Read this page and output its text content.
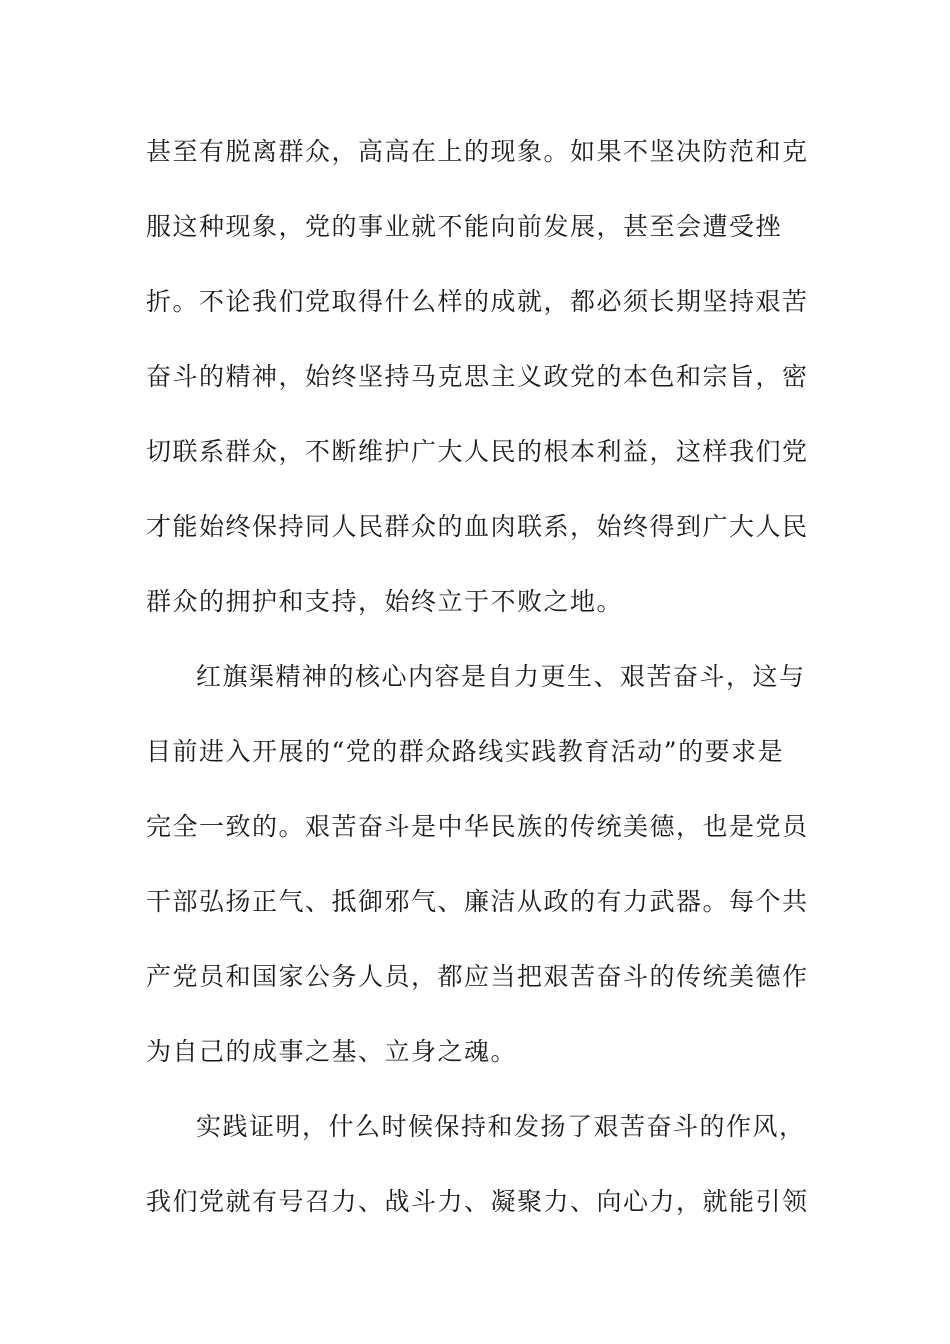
甚至有脱离群众，高高在上的现象。如果不坚决防范和克
服这种现象，党的事业就不能向前发展，甚至会遭受挫
折。不论我们党取得什么样的成就，都必须长期坚持艰苦
奋斗的精神，始终坚持马克思主义政党的本色和宗旨，密
切联系群众，不断维护广大人民的根本利益，这样我们党
才能始终保持同人民群众的血肉联系，始终得到广大人民
群众的拥护和支持，始终立于不败之地。
红旗渠精神的核心内容是自力更生、艰苦奋斗，这与
目前进入开展的“党的群众路线实践教育活动”的要求是
完全一致的。艰苦奋斗是中华民族的传统美德，也是党员
干部弘扬正气、抵御邪气、廉洁从政的有力武器。每个共
产党员和国家公务人员，都应当把艰苦奋斗的传统美德作
为自己的成事之基、立身之魂。
实践证明，什么时候保持和发扬了艰苦奋斗的作风，
我们党就有号召力、战斗力、凝聚力、向心力，就能引领
